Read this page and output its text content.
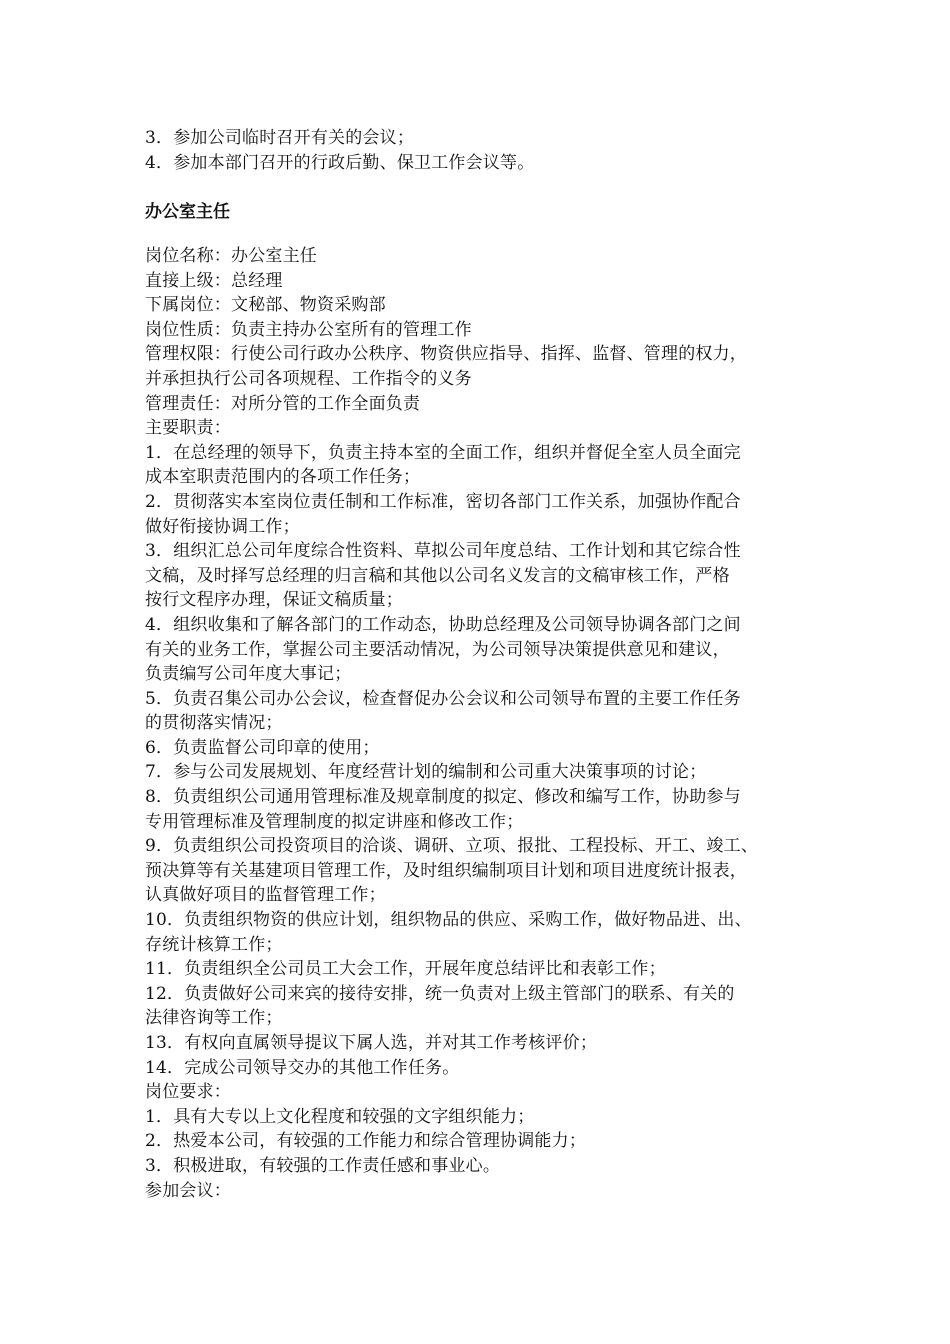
3．参加公司临时召开有关的会议；
4．参加本部门召开的行政后勤、保卫工作会议等。
办公室主任
岗位名称：办公室主任
直接上级：总经理
下属岗位：文秘部、物资采购部
岗位性质：负责主持办公室所有的管理工作
管理权限：行使公司行政办公秩序、物资供应指导、指挥、监督、管理的权力，
并承担执行公司各项规程、工作指令的义务
管理责任：对所分管的工作全面负责
主要职责：
1．在总经理的领导下，负责主持本室的全面工作，组织并督促全室人员全面完
成本室职责范围内的各项工作任务；
2．贯彻落实本室岗位责任制和工作标准，密切各部门工作关系，加强协作配合
做好衔接协调工作；
3．组织汇总公司年度综合性资料、草拟公司年度总结、工作计划和其它综合性
文稿，及时择写总经理的归言稿和其他以公司名义发言的文稿审核工作，严格
按行文程序办理，保证文稿质量；
4．组织收集和了解各部门的工作动态，协助总经理及公司领导协调各部门之间
有关的业务工作，掌握公司主要活动情况，为公司领导决策提供意见和建议，
负责编写公司年度大事记；
5．负责召集公司办公会议，检查督促办公会议和公司领导布置的主要工作任务
的贯彻落实情况；
6．负责监督公司印章的使用；
7．参与公司发展规划、年度经营计划的编制和公司重大决策事项的讨论；
8．负责组织公司通用管理标准及规章制度的拟定、修改和编写工作，协助参与
专用管理标准及管理制度的拟定讲座和修改工作；
9．负责组织公司投资项目的洽谈、调研、立项、报批、工程投标、开工、竣工、
预决算等有关基建项目管理工作，及时组织编制项目计划和项目进度统计报表，
认真做好项目的监督管理工作；
10．负责组织物资的供应计划，组织物品的供应、采购工作，做好物品进、出、
存统计核算工作；
11．负责组织全公司员工大会工作，开展年度总结评比和表彰工作；
12．负责做好公司来宾的接待安排，统一负责对上级主管部门的联系、有关的
法律咨询等工作；
13．有权向直属领导提议下属人选，并对其工作考核评价；
14．完成公司领导交办的其他工作任务。
岗位要求：
1．具有大专以上文化程度和较强的文字组织能力；
2．热爱本公司，有较强的工作能力和综合管理协调能力；
3．积极进取，有较强的工作责任感和事业心。
参加会议：
